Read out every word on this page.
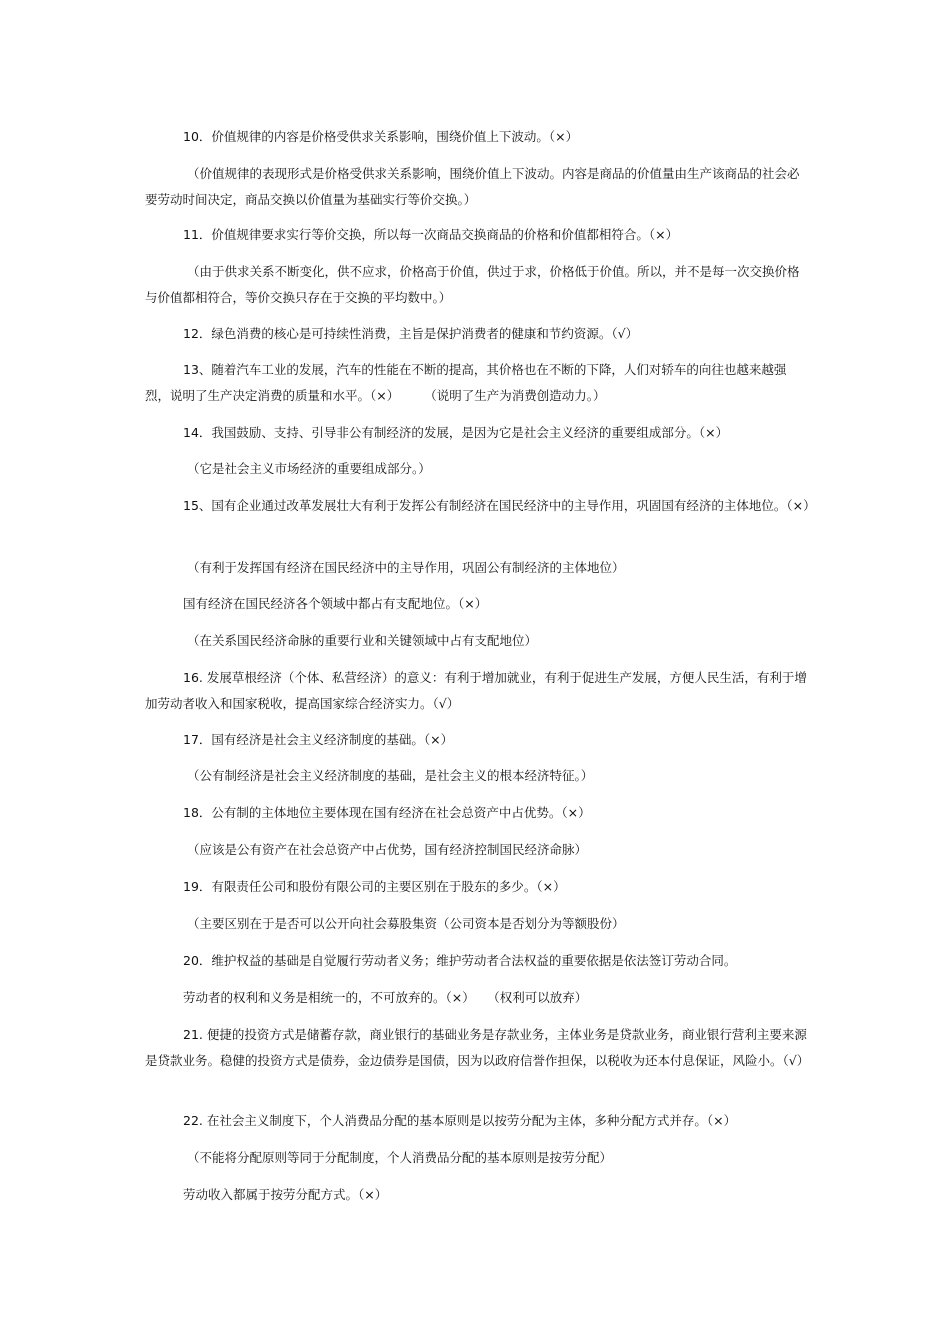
10．价值规律的内容是价格受供求关系影响，围绕价值上下波动。（×）

（价值规律的表现形式是价格受供求关系影响，围绕价值上下波动。内容是商品的价值量由生产该商品的社会必要劳动时间决定，商品交换以价值量为基础实行等价交换。）

11．价值规律要求实行等价交换，所以每一次商品交换商品的价格和价值都相符合。（×）

（由于供求关系不断变化，供不应求，价格高于价值，供过于求，价格低于价值。所以，并不是每一次交换价格与价值都相符合，等价交换只存在于交换的平均数中。）

12．绿色消费的核心是可持续性消费，主旨是保护消费者的健康和节约资源。（√）

13、随着汽车工业的发展，汽车的性能在不断的提高，其价格也在不断的下降，人们对轿车的向往也越来越强烈，说明了生产决定消费的质量和水平。（×）　　　（说明了生产为消费创造动力。）

14．我国鼓励、支持、引导非公有制经济的发展，是因为它是社会主义经济的重要组成部分。（×）

（它是社会主义市场经济的重要组成部分。）

15、国有企业通过改革发展壮大有利于发挥公有制经济在国民经济中的主导作用，巩固国有经济的主体地位。（×）

（有利于发挥国有经济在国民经济中的主导作用，巩固公有制经济的主体地位）

国有经济在国民经济各个领域中都占有支配地位。（×）

（在关系国民经济命脉的重要行业和关键领域中占有支配地位）

16. 发展草根经济（个体、私营经济）的意义：有利于增加就业，有利于促进生产发展，方便人民生活，有利于增加劳动者收入和国家税收，提高国家综合经济实力。（√）

17．国有经济是社会主义经济制度的基础。（×）

（公有制经济是社会主义经济制度的基础，是社会主义的根本经济特征。）

18．公有制的主体地位主要体现在国有经济在社会总资产中占优势。（×）

（应该是公有资产在社会总资产中占优势，国有经济控制国民经济命脉）

19．有限责任公司和股份有限公司的主要区别在于股东的多少。（×）

（主要区别在于是否可以公开向社会募股集资（公司资本是否划分为等额股份）

20．维护权益的基础是自觉履行劳动者义务；维护劳动者合法权益的重要依据是依法签订劳动合同。

劳动者的权利和义务是相统一的，不可放弃的。（×）　　（权利可以放弃）

21. 便捷的投资方式是储蓄存款，商业银行的基础业务是存款业务，主体业务是贷款业务，商业银行营利主要来源是贷款业务。稳健的投资方式是债券，金边债券是国债，因为以政府信誉作担保，以税收为还本付息保证，风险小。（√）

22. 在社会主义制度下，个人消费品分配的基本原则是以按劳分配为主体，多种分配方式并存。（×）

（不能将分配原则等同于分配制度，个人消费品分配的基本原则是按劳分配）

劳动收入都属于按劳分配方式。（×）
